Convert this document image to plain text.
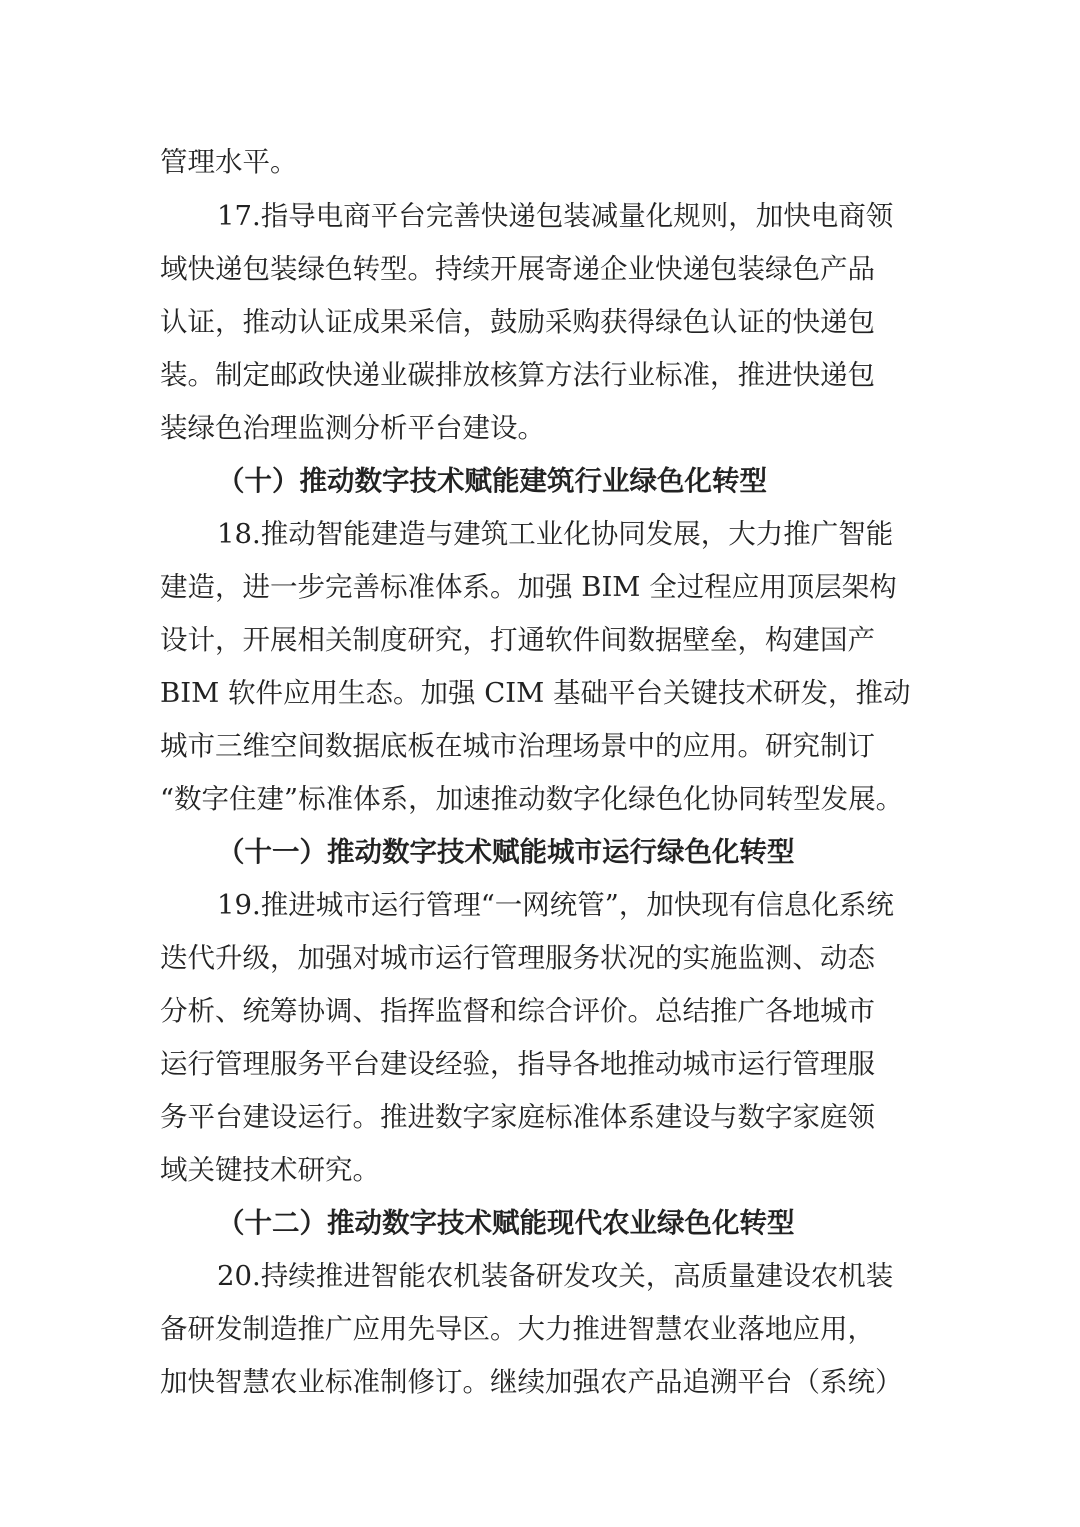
管理水平。
17.指导电商平台完善快递包装减量化规则，加快电商领
域快递包装绿色转型。持续开展寄递企业快递包装绿色产品
认证，推动认证成果采信，鼓励采购获得绿色认证的快递包
装。制定邮政快递业碳排放核算方法行业标准，推进快递包
装绿色治理监测分析平台建设。
（十）推动数字技术赋能建筑行业绿色化转型
18.推动智能建造与建筑工业化协同发展，大力推广智能
建造，进一步完善标准体系。加强 BIM 全过程应用顶层架构
设计，开展相关制度研究，打通软件间数据壁垒，构建国产
BIM 软件应用生态。加强 CIM 基础平台关键技术研发，推动
城市三维空间数据底板在城市治理场景中的应用。研究制订
“数字住建”标准体系，加速推动数字化绿色化协同转型发展。
（十一）推动数字技术赋能城市运行绿色化转型
19.推进城市运行管理“一网统管”，加快现有信息化系统
迭代升级，加强对城市运行管理服务状况的实施监测、动态
分析、统筹协调、指挥监督和综合评价。总结推广各地城市
运行管理服务平台建设经验，指导各地推动城市运行管理服
务平台建设运行。推进数字家庭标准体系建设与数字家庭领
域关键技术研究。
（十二）推动数字技术赋能现代农业绿色化转型
20.持续推进智能农机装备研发攻关，高质量建设农机装
备研发制造推广应用先导区。大力推进智慧农业落地应用，
加快智慧农业标准制修订。继续加强农产品追溯平台（系统）
